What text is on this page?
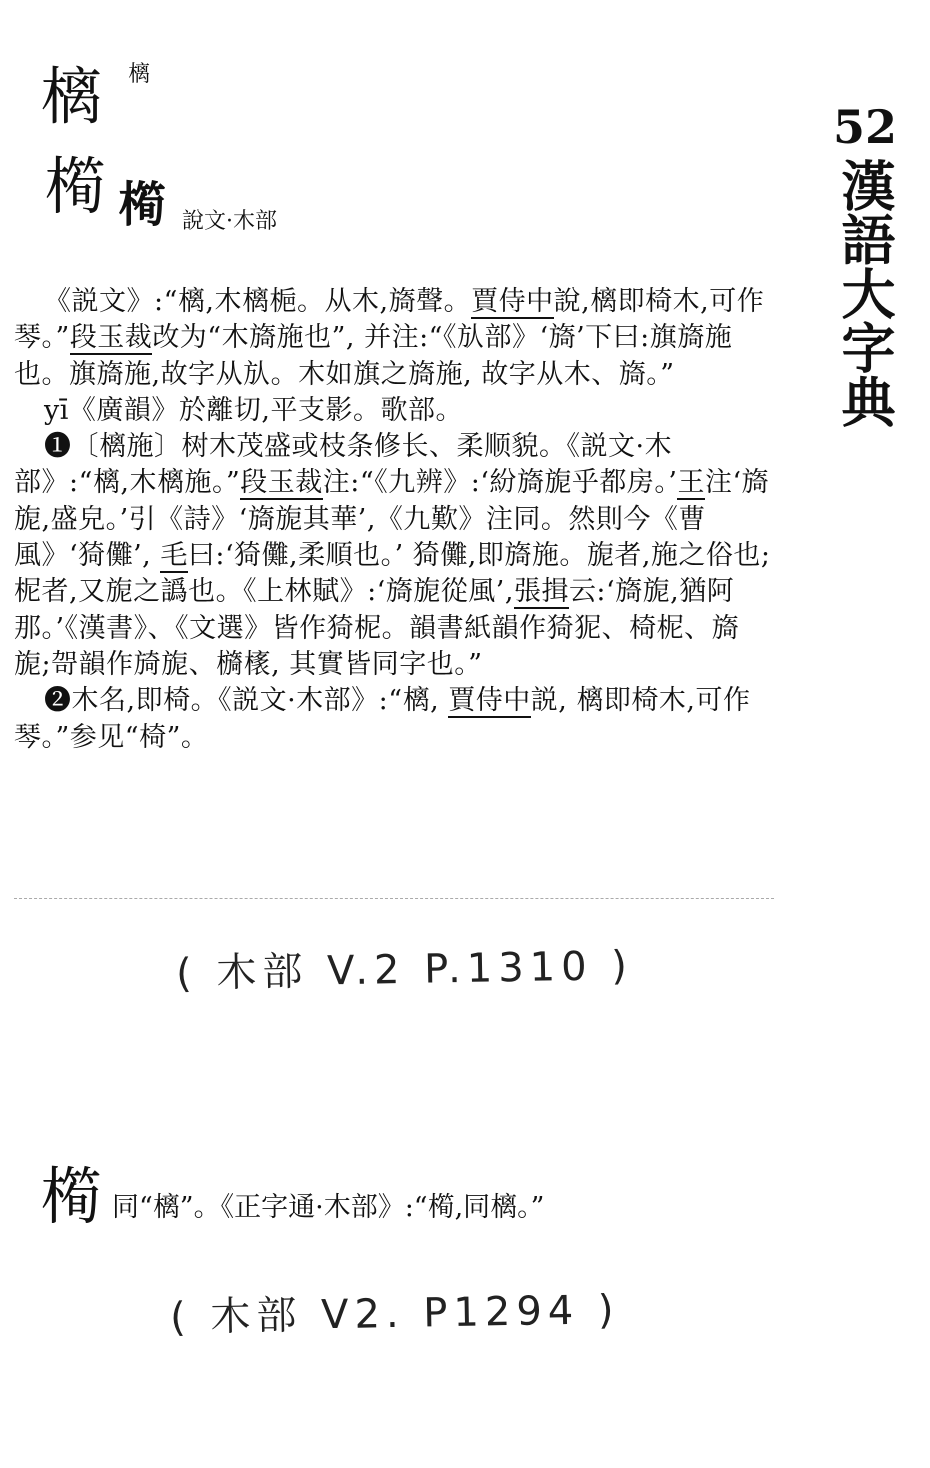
樆 樆
橁 橁 說文·木部
52
漢語大字典

《説文》:“樆,木樆梔。从木,旖聲。賈侍中說,樆即椅木,可作琴。”段玉裁改为“木旖施也”, 并注:“《㫃部》‘旖’下曰:旗旖施也。旗旖施,故字从㫃。木如旗之旖施, 故字从木、旖。”

yī《廣韻》於離切,平支影。歌部。

❶〔樆施〕树木茂盛或枝条修长、柔顺貌。《説文·木部》:“樆,木樆施。”段玉裁注:“《九辨》:‘紛旖旎乎都房。’王注‘旖旎,盛皃。’引《詩》‘旖旎其華’,《九歎》注同。然則今《曹風》‘猗儺’, 毛曰:‘猗儺,柔順也。’ 猗儺,即旖施。旎者,施之俗也;柅者,又旎之譌也。《上林賦》:‘旖旎從風’,張揖云:‘旖旎,猶阿那。’《漢書》、《文選》皆作猗柅。韻書紙韻作猗狔、椅柅、旖旎;哿韻作旑旎、檹橠, 其實皆同字也。”

❷木名,即椅。《説文·木部》:“樆, 賈侍中説, 樆即椅木,可作琴。”参见“椅”。

( 木部 V.2 P.1310 )
橁 同“樆”。《正字通·木部》:“橁,同樆。”
( 木部 V2. P1294 )
